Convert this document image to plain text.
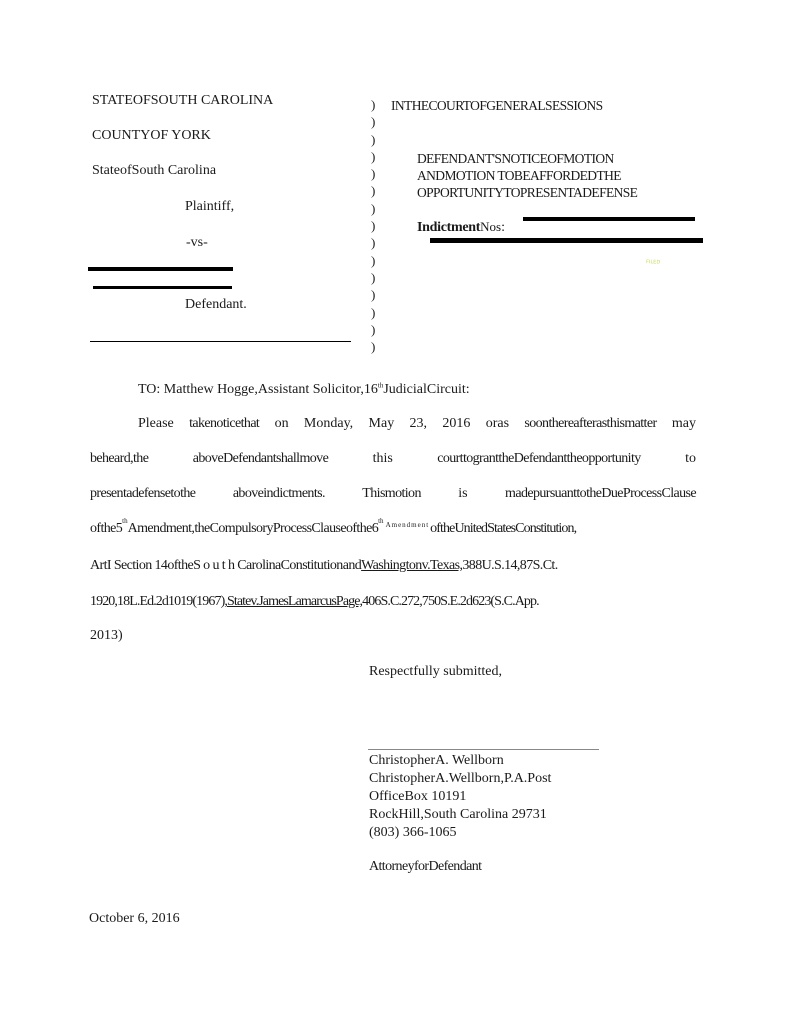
STATEOFSOUTH CAROLINA
COUNTYOF YORK
StateofSouth Carolina
Plaintiff,
-vs-
Defendant.
)
)
)
)
)
)
)
)
)
)
)
)
)
)
)
INTHECOURTOFGENERALSESSIONS
DEFENDANT'SNOTICEOFMOTION
ANDMOTION TOBEAFFORDEDTHE
OPPORTUNITYTOPRESENTADEFENSE
IndictmentNos:
FILED
TO: Matthew Hogge,Assistant Solicitor,16thJudicialCircuit:
Please takenoticethat on Monday, May 23, 2016 oras soonthereafterasthismatter may
beheard,the	aboveDefendantshallmove	this	courttogranttheDefendanttheopportunity	to
presentadefensetothe	aboveindictments.	Thismotion	is	madepursuanttotheDueProcessClause
ofthe5 th Amendment,theCompulsoryProcessClauseofthe6 th Amendment oftheUnitedStatesConstitution,
ArtI Section 14oftheS o u t h CarolinaConstitutionand Washingtonv.Texas, 388U.S.14,87S.Ct.
1920,18L.Ed.2d1019(1967), Statev.JamesLamarcusPage, 406S.C.272,750S.E.2d623(S.C.App.
2013)
Respectfully submitted,
ChristopherA. Wellborn
ChristopherA.Wellborn,P.A.Post
OfficeBox 10191
RockHill,South Carolina 29731
(803) 366-1065
AttorneyforDefendant
October 6, 2016
